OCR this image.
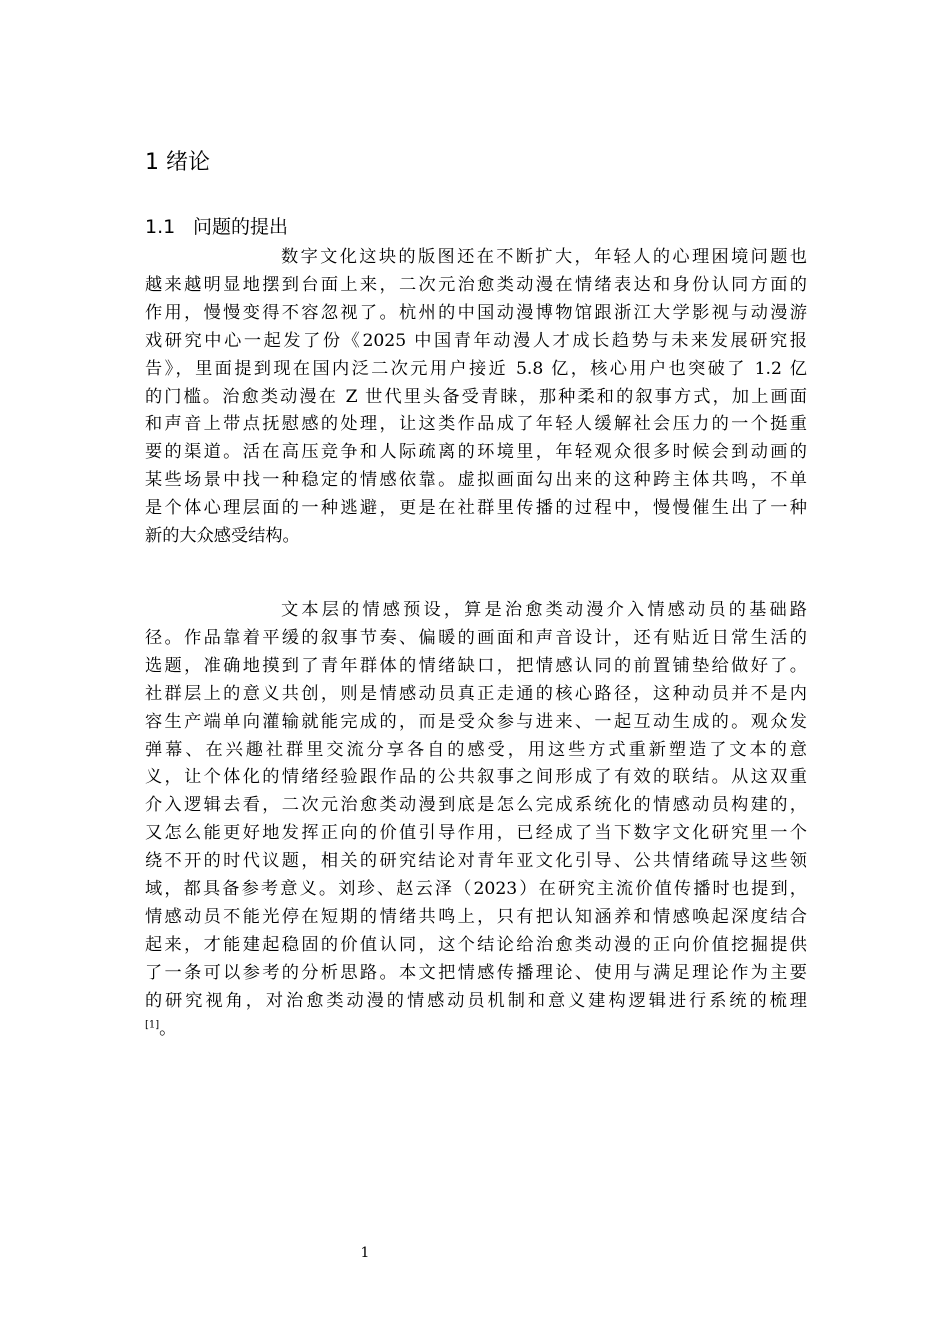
1 绪论
1.1 问题的提出
数字文化这块的版图还在不断扩大，年轻人的心理困境问题也
越来越明显地摆到台面上来，二次元治愈类动漫在情绪表达和身份认同方面的
作用，慢慢变得不容忽视了。杭州的中国动漫博物馆跟浙江大学影视与动漫游
戏研究中心一起发了份《2025 中国青年动漫人才成长趋势与未来发展研究报
告》，里面提到现在国内泛二次元用户接近 5.8 亿，核心用户也突破了 1.2 亿
的门槛。治愈类动漫在 Z 世代里头备受青睐，那种柔和的叙事方式，加上画面
和声音上带点抚慰感的处理，让这类作品成了年轻人缓解社会压力的一个挺重
要的渠道。活在高压竞争和人际疏离的环境里，年轻观众很多时候会到动画的
某些场景中找一种稳定的情感依靠。虚拟画面勾出来的这种跨主体共鸣，不单
是个体心理层面的一种逃避，更是在社群里传播的过程中，慢慢催生出了一种
新的大众感受结构。
文本层的情感预设，算是治愈类动漫介入情感动员的基础路
径。作品靠着平缓的叙事节奏、偏暖的画面和声音设计，还有贴近日常生活的
选题，准确地摸到了青年群体的情绪缺口，把情感认同的前置铺垫给做好了。
社群层上的意义共创，则是情感动员真正走通的核心路径，这种动员并不是内
容生产端单向灌输就能完成的，而是受众参与进来、一起互动生成的。观众发
弹幕、在兴趣社群里交流分享各自的感受，用这些方式重新塑造了文本的意
义，让个体化的情绪经验跟作品的公共叙事之间形成了有效的联结。从这双重
介入逻辑去看，二次元治愈类动漫到底是怎么完成系统化的情感动员构建的，
又怎么能更好地发挥正向的价值引导作用，已经成了当下数字文化研究里一个
绕不开的时代议题，相关的研究结论对青年亚文化引导、公共情绪疏导这些领
域，都具备参考意义。刘珍、赵云泽（2023）在研究主流价值传播时也提到，
情感动员不能光停在短期的情绪共鸣上，只有把认知涵养和情感唤起深度结合
起来，才能建起稳固的价值认同，这个结论给治愈类动漫的正向价值挖掘提供
了一条可以参考的分析思路。本文把情感传播理论、使用与满足理论作为主要
的研究视角，对治愈类动漫的情感动员机制和意义建构逻辑进行系统的梳理
[1]。
1
